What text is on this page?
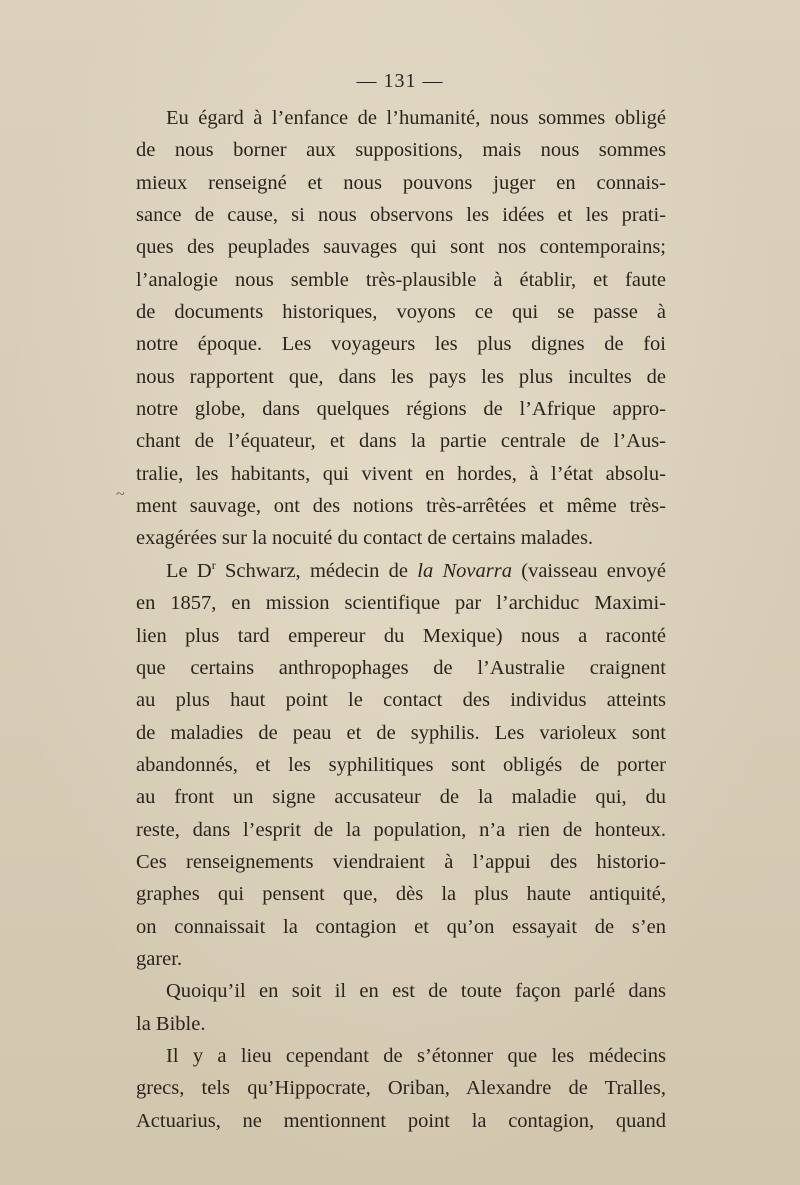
— 131 —
~
Eu égard à l’enfance de l’humanité, nous sommes obligé
de nous borner aux suppositions, mais nous sommes
mieux renseigné et nous pouvons juger en connais-
sance de cause, si nous observons les idées et les prati-
ques des peuplades sauvages qui sont nos contemporains;
l’analogie nous semble très-plausible à établir, et faute
de documents historiques, voyons ce qui se passe à
notre époque. Les voyageurs les plus dignes de foi
nous rapportent que, dans les pays les plus incultes de
notre globe, dans quelques régions de l’Afrique appro-
chant de l’équateur, et dans la partie centrale de l’Aus-
tralie, les habitants, qui vivent en hordes, à l’état absolu-
ment sauvage, ont des notions très-arrêtées et même très-
exagérées sur la nocuité du contact de certains malades.
Le $D^r$ Schwarz, médecin de la Novarra (vaisseau envoyé
en 1857, en mission scientifique par l’archiduc Maximi-
lien plus tard empereur du Mexique) nous a raconté
que certains anthropophages de l’Australie craignent
au plus haut point le contact des individus atteints
de maladies de peau et de syphilis. Les varioleux sont
abandonnés, et les syphilitiques sont obligés de porter
au front un signe accusateur de la maladie qui, du
reste, dans l’esprit de la population, n’a rien de honteux.
Ces renseignements viendraient à l’appui des historio-
graphes qui pensent que, dès la plus haute antiquité,
on connaissait la contagion et qu’on essayait de s’en
garer.
Quoiqu’il en soit il en est de toute façon parlé dans
la Bible.
Il y a lieu cependant de s’étonner que les médecins
grecs, tels qu’Hippocrate, Oriban, Alexandre de Tralles,
Actuarius, ne mentionnent point la contagion, quand
